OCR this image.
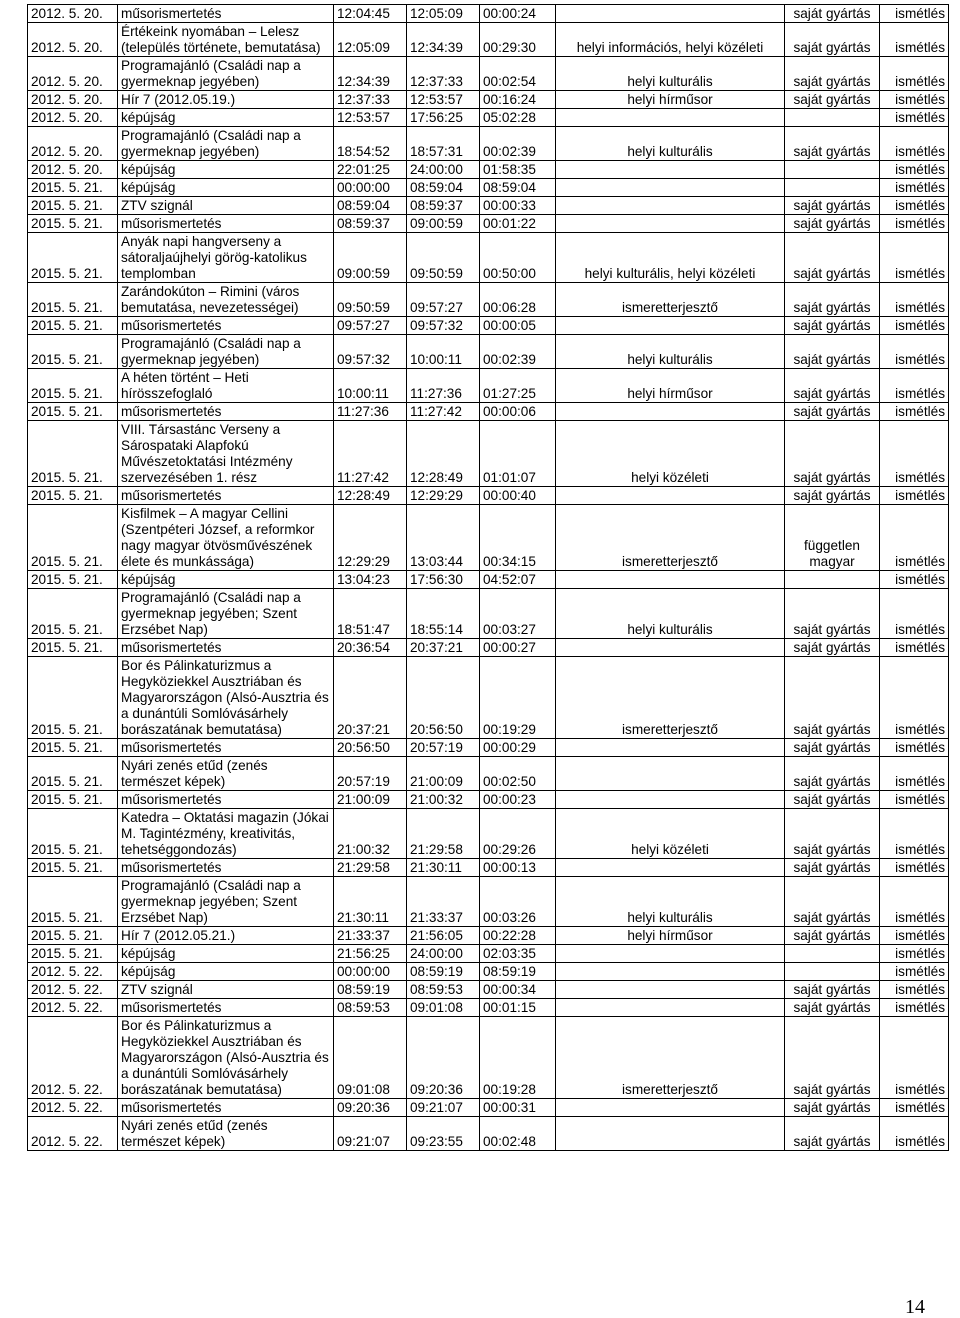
2012. 5. 20.	műsorismertetés	12:04:45	12:05:09	00:00:24		saját gyártás	ismétlés
2012. 5. 20.	Értékeink nyomában – Lelesz (település története, bemutatása)	12:05:09	12:34:39	00:29:30	helyi információs, helyi közéleti	saját gyártás	ismétlés
2012. 5. 20.	Programajánló (Családi nap a gyermeknap jegyében)	12:34:39	12:37:33	00:02:54	helyi kulturális	saját gyártás	ismétlés
2012. 5. 20.	Hír 7 (2012.05.19.)	12:37:33	12:53:57	00:16:24	helyi hírműsor	saját gyártás	ismétlés
2012. 5. 20.	képújság	12:53:57	17:56:25	05:02:28			ismétlés
2012. 5. 20.	Programajánló (Családi nap a gyermeknap jegyében)	18:54:52	18:57:31	00:02:39	helyi kulturális	saját gyártás	ismétlés
2012. 5. 20.	képújság	22:01:25	24:00:00	01:58:35			ismétlés
2015. 5. 21.	képújság	00:00:00	08:59:04	08:59:04			ismétlés
2015. 5. 21.	ZTV szignál	08:59:04	08:59:37	00:00:33		saját gyártás	ismétlés
2015. 5. 21.	műsorismertetés	08:59:37	09:00:59	00:01:22		saját gyártás	ismétlés
2015. 5. 21.	Anyák napi hangverseny a sátoraljaújhelyi görög-katolikus templomban	09:00:59	09:50:59	00:50:00	helyi kulturális, helyi közéleti	saját gyártás	ismétlés
2015. 5. 21.	Zarándokúton – Rimini (város bemutatása, nevezetességei)	09:50:59	09:57:27	00:06:28	ismeretterjesztő	saját gyártás	ismétlés
2015. 5. 21.	műsorismertetés	09:57:27	09:57:32	00:00:05		saját gyártás	ismétlés
2015. 5. 21.	Programajánló (Családi nap a gyermeknap jegyében)	09:57:32	10:00:11	00:02:39	helyi kulturális	saját gyártás	ismétlés
2015. 5. 21.	A héten történt – Heti hírösszefoglaló	10:00:11	11:27:36	01:27:25	helyi hírműsor	saját gyártás	ismétlés
2015. 5. 21.	műsorismertetés	11:27:36	11:27:42	00:00:06		saját gyártás	ismétlés
2015. 5. 21.	VIII. Társastánc Verseny a Sárospataki Alapfokú Művészetoktatási Intézmény szervezésében 1. rész	11:27:42	12:28:49	01:01:07	helyi közéleti	saját gyártás	ismétlés
2015. 5. 21.	műsorismertetés	12:28:49	12:29:29	00:00:40		saját gyártás	ismétlés
2015. 5. 21.	Kisfilmek – A magyar Cellini (Szentpéteri József, a reformkor nagy magyar ötvösművészének élete és munkássága)	12:29:29	13:03:44	00:34:15	ismeretterjesztő	független magyar	ismétlés
2015. 5. 21.	képújság	13:04:23	17:56:30	04:52:07			ismétlés
2015. 5. 21.	Programajánló (Családi nap a gyermeknap jegyében; Szent Erzsébet Nap)	18:51:47	18:55:14	00:03:27	helyi kulturális	saját gyártás	ismétlés
2015. 5. 21.	műsorismertetés	20:36:54	20:37:21	00:00:27		saját gyártás	ismétlés
2015. 5. 21.	Bor és Pálinkaturizmus a Hegyköziekkel Ausztriában és Magyarországon (Alsó-Ausztria és a dunántúli Somlóvásárhely borászatának bemutatása)	20:37:21	20:56:50	00:19:29	ismeretterjesztő	saját gyártás	ismétlés
2015. 5. 21.	műsorismertetés	20:56:50	20:57:19	00:00:29		saját gyártás	ismétlés
2015. 5. 21.	Nyári zenés etűd (zenés természet képek)	20:57:19	21:00:09	00:02:50		saját gyártás	ismétlés
2015. 5. 21.	műsorismertetés	21:00:09	21:00:32	00:00:23		saját gyártás	ismétlés
2015. 5. 21.	Katedra – Oktatási magazin (Jókai M. Tagintézmény, kreativitás, tehetséggondozás)	21:00:32	21:29:58	00:29:26	helyi közéleti	saját gyártás	ismétlés
2015. 5. 21.	műsorismertetés	21:29:58	21:30:11	00:00:13		saját gyártás	ismétlés
2015. 5. 21.	Programajánló (Családi nap a gyermeknap jegyében; Szent Erzsébet Nap)	21:30:11	21:33:37	00:03:26	helyi kulturális	saját gyártás	ismétlés
2015. 5. 21.	Hír 7 (2012.05.21.)	21:33:37	21:56:05	00:22:28	helyi hírműsor	saját gyártás	ismétlés
2015. 5. 21.	képújság	21:56:25	24:00:00	02:03:35			ismétlés
2012. 5. 22.	képújság	00:00:00	08:59:19	08:59:19			ismétlés
2012. 5. 22.	ZTV szignál	08:59:19	08:59:53	00:00:34		saját gyártás	ismétlés
2012. 5. 22.	műsorismertetés	08:59:53	09:01:08	00:01:15		saját gyártás	ismétlés
2012. 5. 22.	Bor és Pálinkaturizmus a Hegyköziekkel Ausztriában és Magyarországon (Alsó-Ausztria és a dunántúli Somlóvásárhely borászatának bemutatása)	09:01:08	09:20:36	00:19:28	ismeretterjesztő	saját gyártás	ismétlés
2012. 5. 22.	műsorismertetés	09:20:36	09:21:07	00:00:31		saját gyártás	ismétlés
2012. 5. 22.	Nyári zenés etűd (zenés természet képek)	09:21:07	09:23:55	00:02:48		saját gyártás	ismétlés
14
